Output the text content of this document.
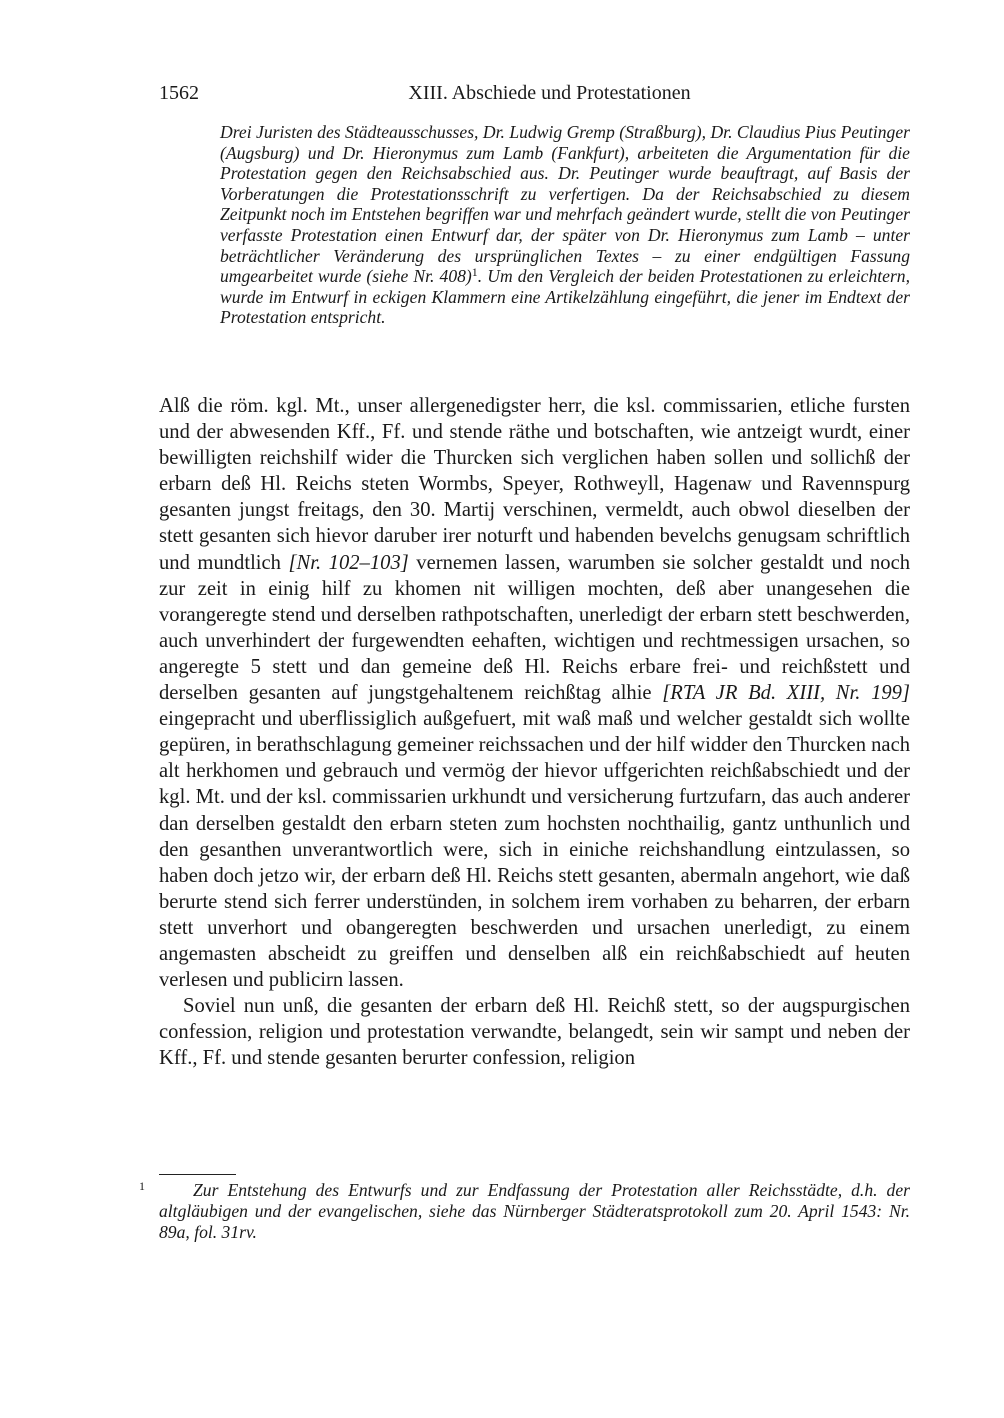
1562	XIII. Abschiede und Protestationen
Drei Juristen des Städteausschusses, Dr. Ludwig Gremp (Straßburg), Dr. Claudius Pius Peutinger (Augsburg) und Dr. Hieronymus zum Lamb (Fankfurt), arbeiteten die Argumentation für die Protestation gegen den Reichsabschied aus. Dr. Peutinger wurde beauftragt, auf Basis der Vorberatungen die Protestationsschrift zu verfertigen. Da der Reichsabschied zu diesem Zeitpunkt noch im Entstehen begriffen war und mehrfach geändert wurde, stellt die von Peutinger verfasste Protestation einen Entwurf dar, der später von Dr. Hieronymus zum Lamb – unter beträchtlicher Veränderung des ursprünglichen Textes – zu einer endgültigen Fassung umgearbeitet wurde (siehe Nr. 408)$^1$. Um den Vergleich der beiden Protestationen zu erleichtern, wurde im Entwurf in eckigen Klammern eine Artikelzählung eingeführt, die jener im Endtext der Protestation entspricht.

Alß die röm. kgl. Mt., unser allergenedigster herr, die ksl. commissarien, etliche fursten und der abwesenden Kff., Ff. und stende räthe und botschaften, wie antzeigt wurdt, einer bewilligten reichshilf wider die Thurcken sich verglichen haben sollen und sollichß der erbarn deß Hl. Reichs steten Wormbs, Speyer, Rothweyll, Hagenaw und Ravennspurg gesanten jungst freitags, den 30. Martij verschinen, vermeldt, auch obwol dieselben der stett gesanten sich hievor daruber irer noturft und habenden bevelchs genugsam schriftlich und mundtlich [Nr. 102–103] vernemen lassen, warumben sie solcher gestaldt und noch zur zeit in einig hilf zu khomen nit willigen mochten, deß aber unangesehen die vorangeregte stend und derselben rathpotschaften, unerledigt der erbarn stett beschwerden, auch unverhindert der furgewendten eehaften, wichtigen und rechtmessigen ursachen, so angeregte 5 stett und dan gemeine deß Hl. Reichs erbare frei- und reichßstett und derselben gesanten auf jungstgehaltenem reichßtag alhie [RTA JR Bd. XIII, Nr. 199] eingepracht und uberflissiglich außgefuert, mit waß maß und welcher gestaldt sich wollte gepüren, in berathschlagung gemeiner reichssachen und der hilf widder den Thurcken nach alt herkhomen und gebrauch und vermög der hievor uffgerichten reichßabschiedt und der kgl. Mt. und der ksl. commissarien urkhundt und versicherung furtzufarn, das auch anderer dan derselben gestaldt den erbarn steten zum hochsten nochthailig, gantz unthunlich und den gesanthen unverantwortlich were, sich in einiche reichshandlung eintzulassen, so haben doch jetzo wir, der erbarn deß Hl. Reichs stett gesanten, abermaln angehort, wie daß berurte stend sich ferrer understünden, in solchem irem vorhaben zu beharren, der erbarn stett unverhort und obangeregten beschwerden und ursachen unerledigt, zu einem angemasten abscheidt zu greiffen und denselben alß ein reichßabschiedt auf heuten verlesen und publicirn lassen.

Soviel nun unß, die gesanten der erbarn deß Hl. Reichß stett, so der augspurgischen confession, religion und protestation verwandte, belangedt, sein wir sampt und neben der Kff., Ff. und stende gesanten berurter confession, religion

1	Zur Entstehung des Entwurfs und zur Endfassung der Protestation aller Reichsstädte, d.h. der altgläubigen und der evangelischen, siehe das Nürnberger Städteratsprotokoll zum 20. April 1543: Nr. 89a, fol. 31rv.
